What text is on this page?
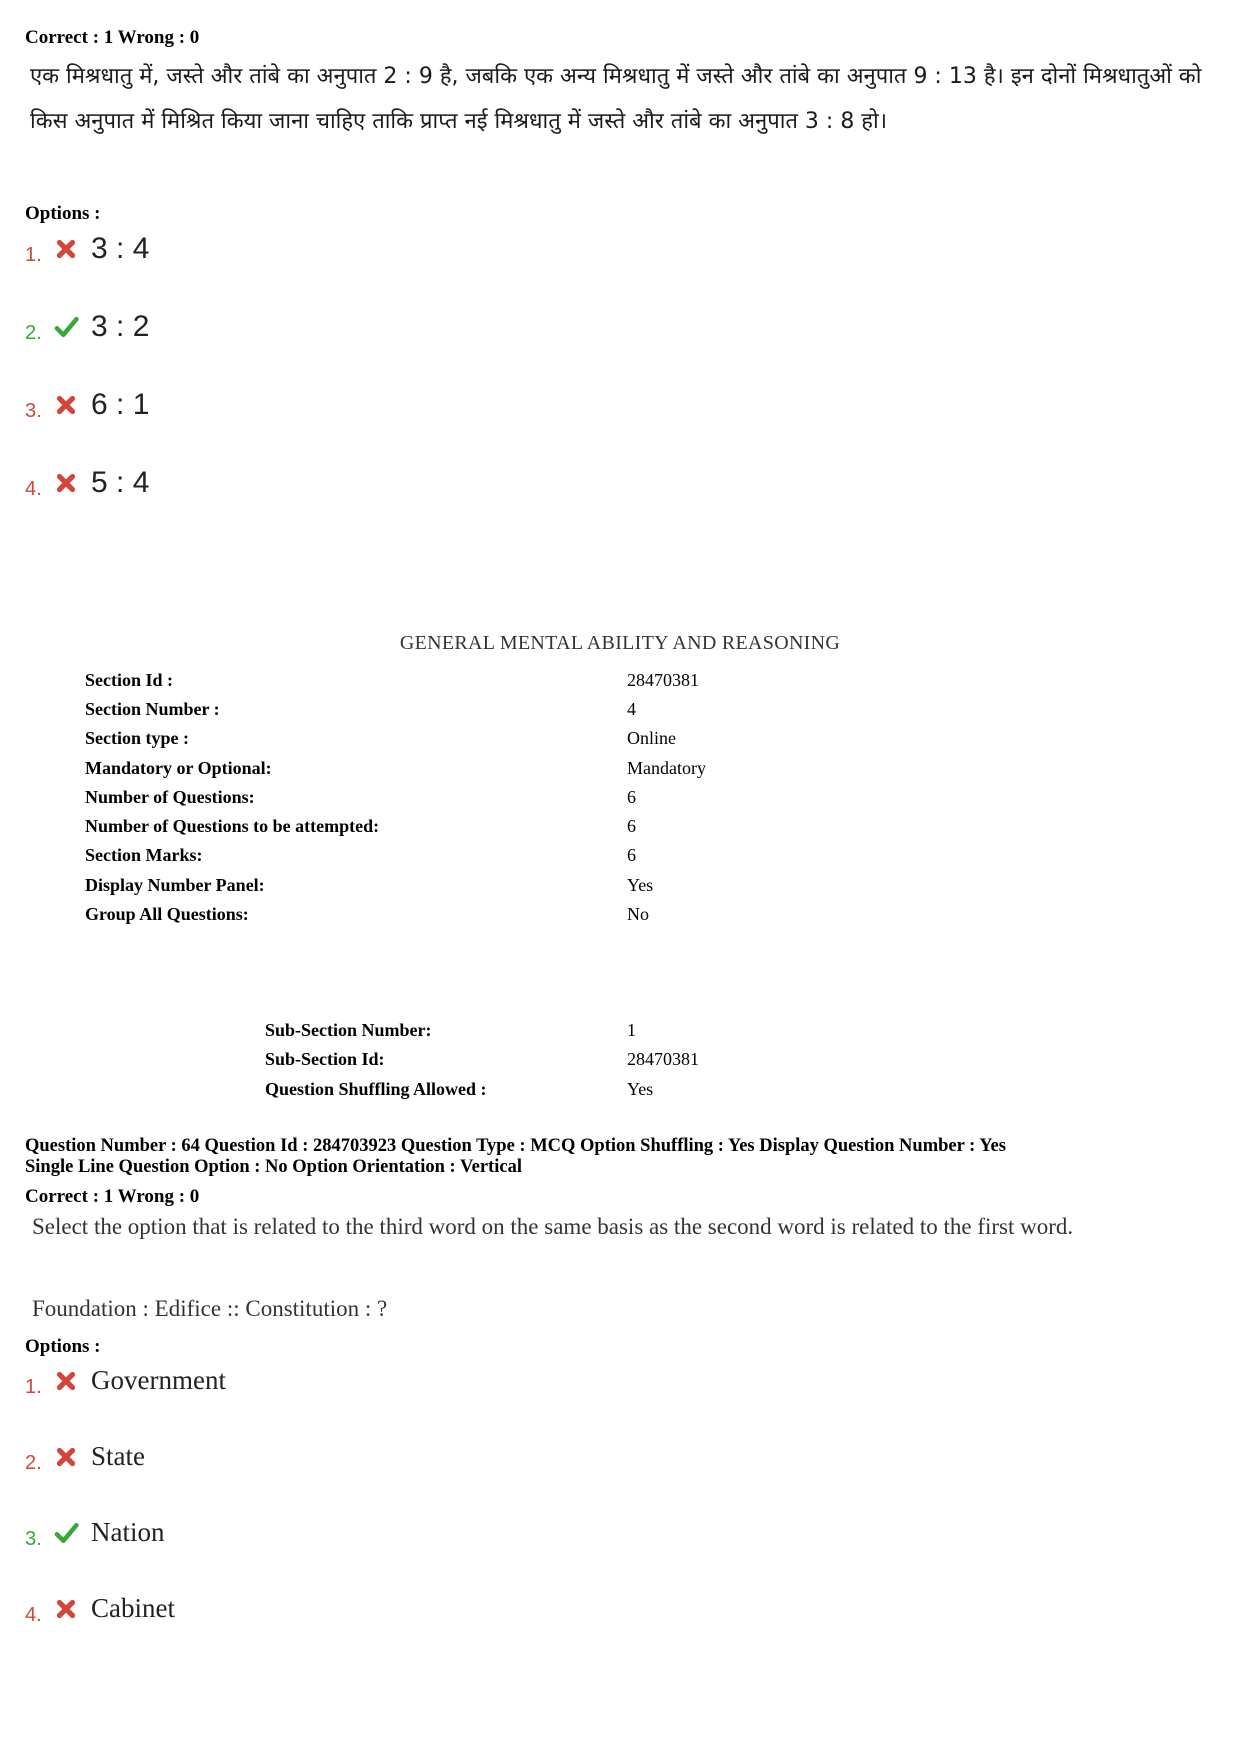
Correct : 1 Wrong : 0
एक मिश्रधातु में, जस्ते और तांबे का अनुपात 2 : 9 है, जबकि एक अन्य मिश्रधातु में जस्ते और तांबे का अनुपात 9 : 13 है। इन दोनों मिश्रधातुओं को किस अनुपात में मिश्रित किया जाना चाहिए ताकि प्राप्त नई मिश्रधातु में जस्ते और तांबे का अनुपात 3 : 8 हो।
Options :
1.	3 : 4
2.	3 : 2
3.	6 : 1
4.	5 : 4
GENERAL MENTAL ABILITY AND REASONING
Section Id :	28470381
Section Number :	4
Section type :	Online
Mandatory or Optional:	Mandatory
Number of Questions:	6
Number of Questions to be attempted:	6
Section Marks:	6
Display Number Panel:	Yes
Group All Questions:	No
Sub-Section Number:	1
Sub-Section Id:	28470381
Question Shuffling Allowed :	Yes
Question Number : 64 Question Id : 284703923 Question Type : MCQ Option Shuffling : Yes Display Question Number : Yes
Single Line Question Option : No Option Orientation : Vertical
Correct : 1 Wrong : 0
Select the option that is related to the third word on the same basis as the second word is related to the first word.
Foundation : Edifice :: Constitution : ?
Options :
1.	Government
2.	State
3.	Nation
4.	Cabinet
